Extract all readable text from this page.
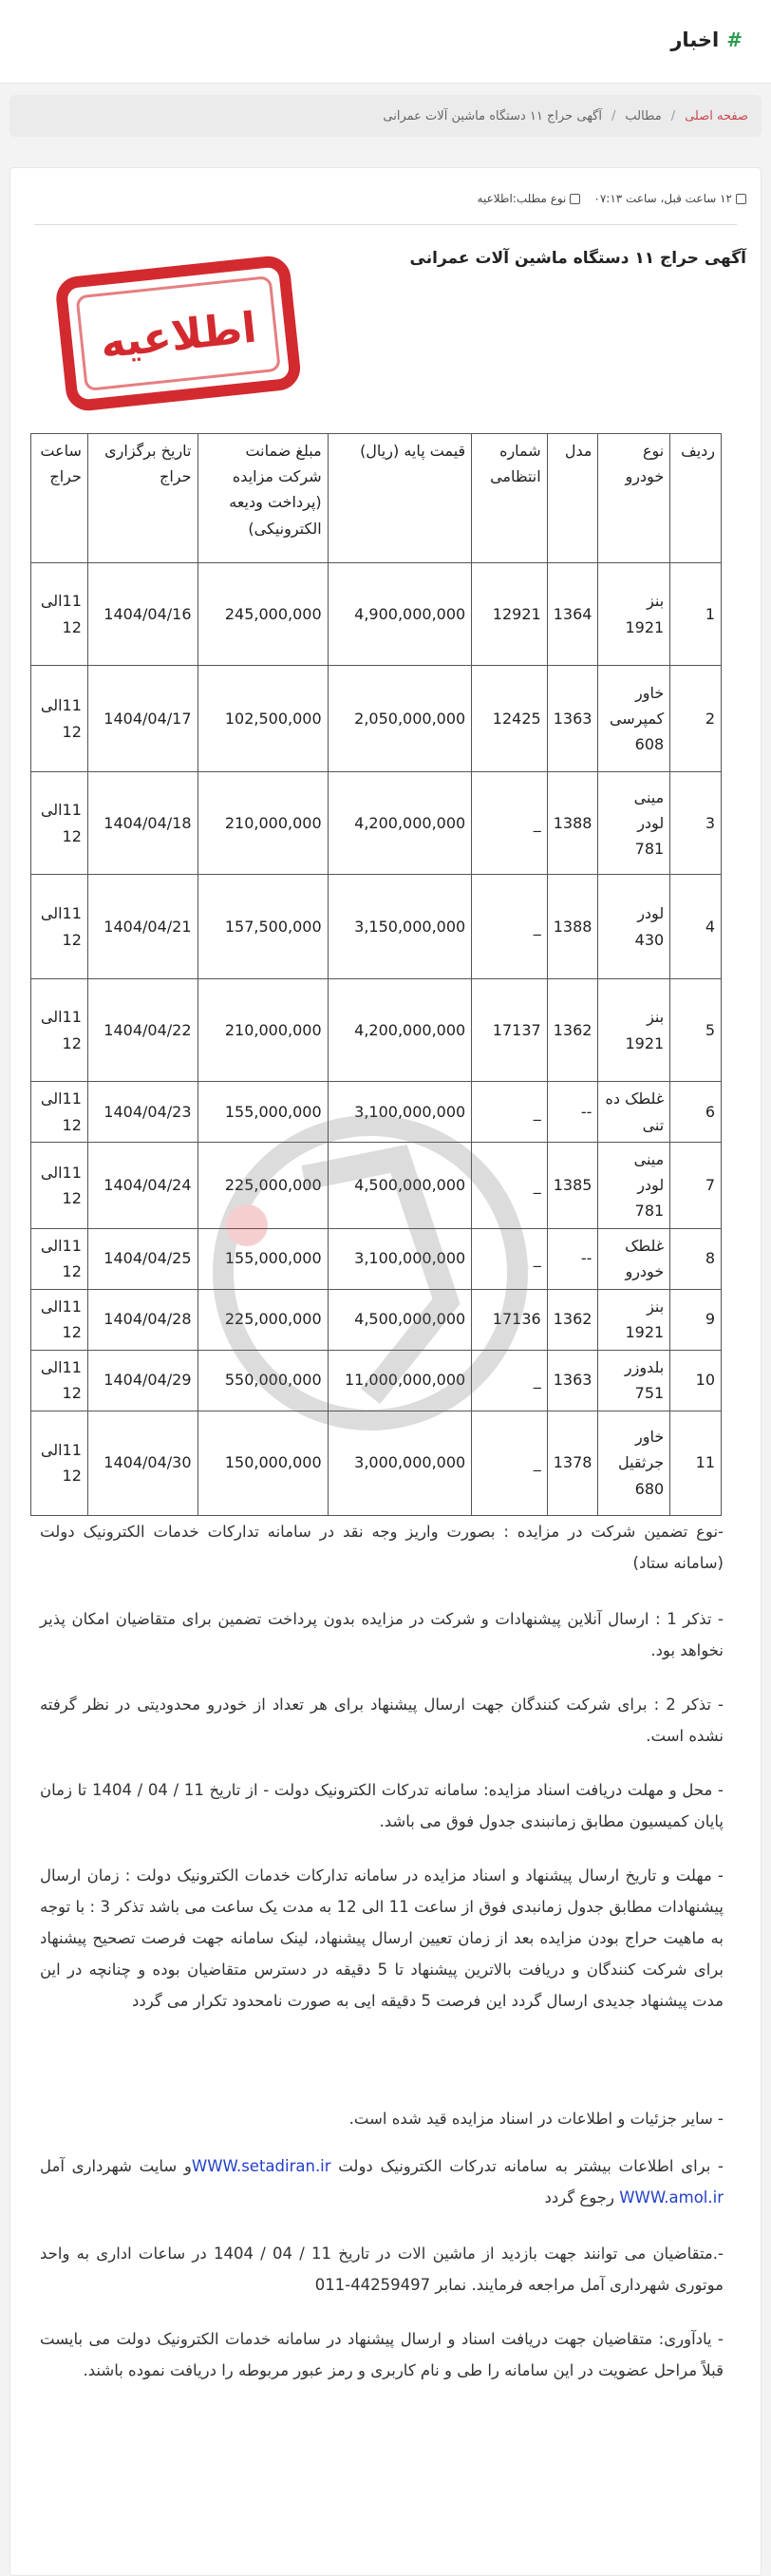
#
اخبار
صفحه اصلی
/
مطالب
/
آگهی حراج ۱۱ دستگاه ماشین آلات عمرانی
۱۲ ساعت قبل، ساعت ۰۷:۱۳
نوع مطلب:اطلاعیه
آگهی حراج ۱۱ دستگاه ماشین آلات عمرانی
اطلاعیه
ردیف	نوع خودرو	مدل	شماره انتظامی	قیمت پایه (ریال)	مبلغ ضمانت شرکت مزایده (پرداخت ودیعه الکترونیکی)	تاریخ برگزاری حراج	ساعت حراج
1	بنز 1921	1364	12921	4,900,000,000	245,000,000	1404/04/16	11الی 12
2	خاور کمپرسی 608	1363	12425	2,050,000,000	102,500,000	1404/04/17	11الی 12
3	مینی لودر 781	1388	_	4,200,000,000	210,000,000	1404/04/18	11الی 12
4	لودر 430	1388	_	3,150,000,000	157,500,000	1404/04/21	11الی 12
5	بنز 1921	1362	17137	4,200,000,000	210,000,000	1404/04/22	11الی 12
6	غلطک ده تنی	--	_	3,100,000,000	155,000,000	1404/04/23	11الی 12
7	مینی لودر 781	1385	_	4,500,000,000	225,000,000	1404/04/24	11الی 12
8	غلطک خودرو	--	_	3,100,000,000	155,000,000	1404/04/25	11الی 12
9	بنز 1921	1362	17136	4,500,000,000	225,000,000	1404/04/28	11الی 12
10	بلدوزر 751	1363	_	11,000,000,000	550,000,000	1404/04/29	11الی 12
11	خاور جرثقیل 680	1378	_	3,000,000,000	150,000,000	1404/04/30	11الی 12
-نوع تضمین شرکت در مزایده : بصورت واریز وجه نقد در سامانه تدارکات خدمات الکترونیک دولت (سامانه ستاد)
- تذکر 1 : ارسال آنلاین پیشنهادات و شرکت در مزایده بدون پرداخت تضمین برای متقاضیان امکان پذیر نخواهد بود.
- تذکر 2 : برای شرکت کنندگان جهت ارسال پیشنهاد برای هر تعداد از خودرو محدودیتی در نظر گرفته نشده است.
- محل و مهلت دریافت اسناد مزایده: سامانه تدرکات الکترونیک دولت - از تاریخ 11 / 04 / 1404 تا زمان پایان کمیسیون مطابق زمانبندی جدول فوق می باشد.
- مهلت و تاریخ ارسال پیشنهاد و اسناد مزایده در سامانه تدارکات خدمات الکترونیک دولت : زمان ارسال پیشنهادات مطابق جدول زمانبدی فوق از ساعت 11 الی 12 به مدت یک ساعت می باشد تذکر 3 : با توجه به ماهیت حراج بودن مزایده بعد از زمان تعیین ارسال پیشنهاد، لینک سامانه جهت فرصت تصحیح پیشنهاد برای شرکت کنندگان و دریافت بالاترین پیشنهاد تا 5 دقیقه در دسترس متقاضیان بوده و چنانچه در این مدت پیشنهاد جدیدی ارسال گردد این فرصت 5 دقیقه ایی به صورت نامحدود تکرار می گردد
- سایر جزئیات و اطلاعات در اسناد مزایده قید شده است.
- برای اطلاعات بیشتر به سامانه تدرکات الکترونیک دولت WWW.setadiran.irو سایت شهرداری آمل WWW.amol.ir رجوع گردد
-.متقاضیان می توانند جهت بازدید از ماشین الات در تاریخ 11 / 04 / 1404 در ساعات اداری به واحد موتوری شهرداری آمل مراجعه فرمایند. نمابر 44259497-011
- یادآوری: متقاضیان جهت دریافت اسناد و ارسال پیشنهاد در سامانه خدمات الکترونیک دولت می بایست قبلاً مراحل عضویت در این سامانه را طی و نام کاربری و رمز عبور مربوطه را دریافت نموده باشند.
